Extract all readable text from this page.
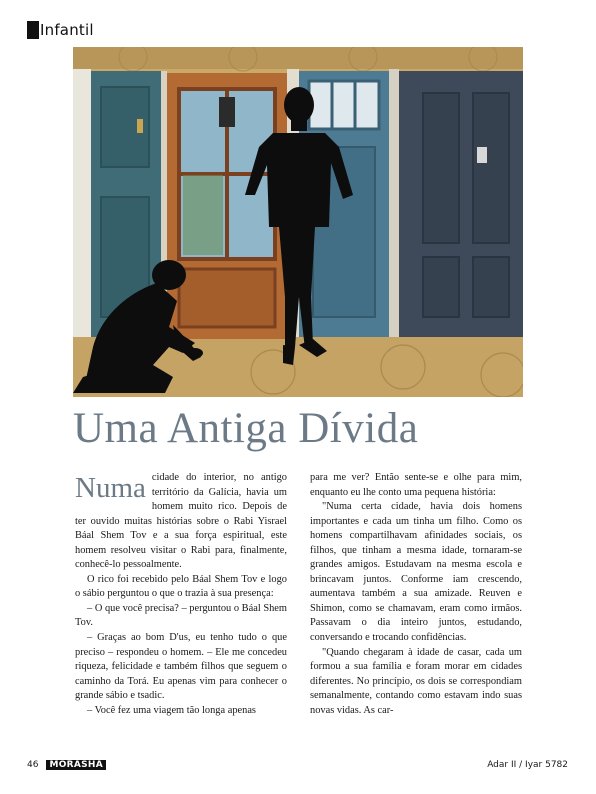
Infantil
Uma Antiga Dívida

Numa cidade do interior, no antigo território da Galícia, havia um homem muito rico. Depois de ter ouvido muitas histórias sobre o Rabi Yisrael Báal Shem Tov e a sua força espiritual, este homem resolveu visitar o Rabi para, finalmente, conhecê-lo pessoalmente.

O rico foi recebido pelo Báal Shem Tov e logo o sábio perguntou o que o trazia à sua presença:

– O que você precisa? – perguntou o Báal Shem Tov.

– Graças ao bom D'us, eu tenho tudo o que preciso – respondeu o homem. – Ele me concedeu riqueza, felicidade e também filhos que seguem o caminho da Torá. Eu apenas vim para conhecer o grande sábio e tsadic.

– Você fez uma viagem tão longa apenas

para me ver? Então sente-se e olhe para mim, enquanto eu lhe conto uma pequena história:

"Numa certa cidade, havia dois homens importantes e cada um tinha um filho. Como os homens compartilhavam afinidades sociais, os filhos, que tinham a mesma idade, tornaram-se grandes amigos. Estudavam na mesma escola e brincavam juntos. Conforme iam crescendo, aumentava também a sua amizade. Reuven e Shimon, como se chamavam, eram como irmãos. Passavam o dia inteiro juntos, estudando, conversando e trocando confidências.

"Quando chegaram à idade de casar, cada um formou a sua família e foram morar em cidades diferentes. No princípio, os dois se correspondiam semanalmente, contando como estavam indo suas novas vidas. As car-

46	MORASHÁ	Adar II / Iyar 5782
